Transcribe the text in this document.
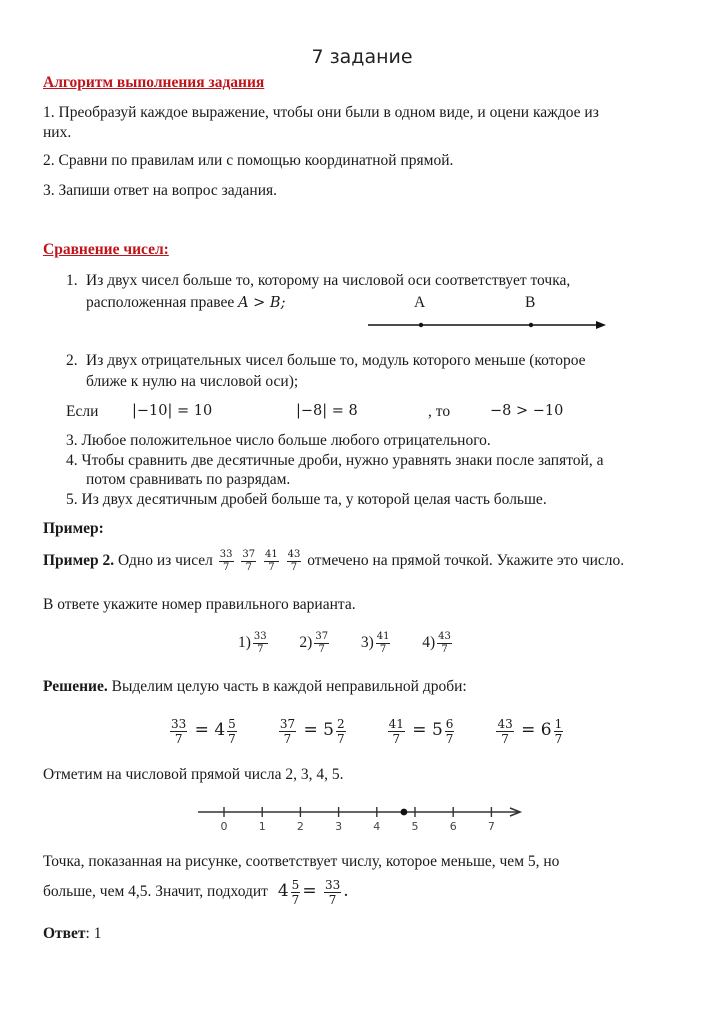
7 задание
Алгоритм выполнения задания
1. Преобразуй каждое выражение, чтобы они были в одном виде, и оцени каждое из
них.
2. Сравни по правилам или с помощью координатной прямой.
3. Запиши ответ на вопрос задания.
Сравнение чисел:
1. Из двух чисел больше то, которому на числовой оси соответствует точка,
расположенная правее A > B;	A	B
2. Из двух отрицательных чисел больше то, модуль которого меньше (которое
ближе к нулю на числовой оси);
Если |−10| = 10	|−8| = 8	, то	−8 > −10
3. Любое положительное число больше любого отрицательного.
4. Чтобы сравнить две десятичные дроби, нужно уравнять знаки после запятой, а
потом сравнивать по разрядам.
5. Из двух десятичным дробей больше та, у которой целая часть больше.
Пример:
Пример 2. Одно из чисел $\frac{33}{7}$
$\frac{37}{7}$
$\frac{41}{7}$
$\frac{43}{7}$ отмечено на прямой точкой. Укажите это число.
В ответе укажите номер правильного варианта.
$1) \frac{33}{7} 2) \frac{37}{7} 3) \frac{41}{7} 4) \frac{43}{7}$
Решение. Выделим целую часть в каждой неправильной дроби:
$\frac{33}{7} = 4 \frac{5}{7}$	$\frac{37}{7} = 5 \frac{2}{7}$	$\frac{41}{7} = 5 \frac{6}{7}$	$\frac{43}{7} = 6 \frac{1}{7}$
Отметим на числовой прямой числа 2, 3, 4, 5.
0	1	2	3	4	5	6	7
Точка, показанная на рисунке, соответствует числу, которое меньше, чем 5, но
больше, чем 4,5. Значит, подходит $4 \frac{5}{7} = \frac{33}{7}$ .
Ответ: 1
